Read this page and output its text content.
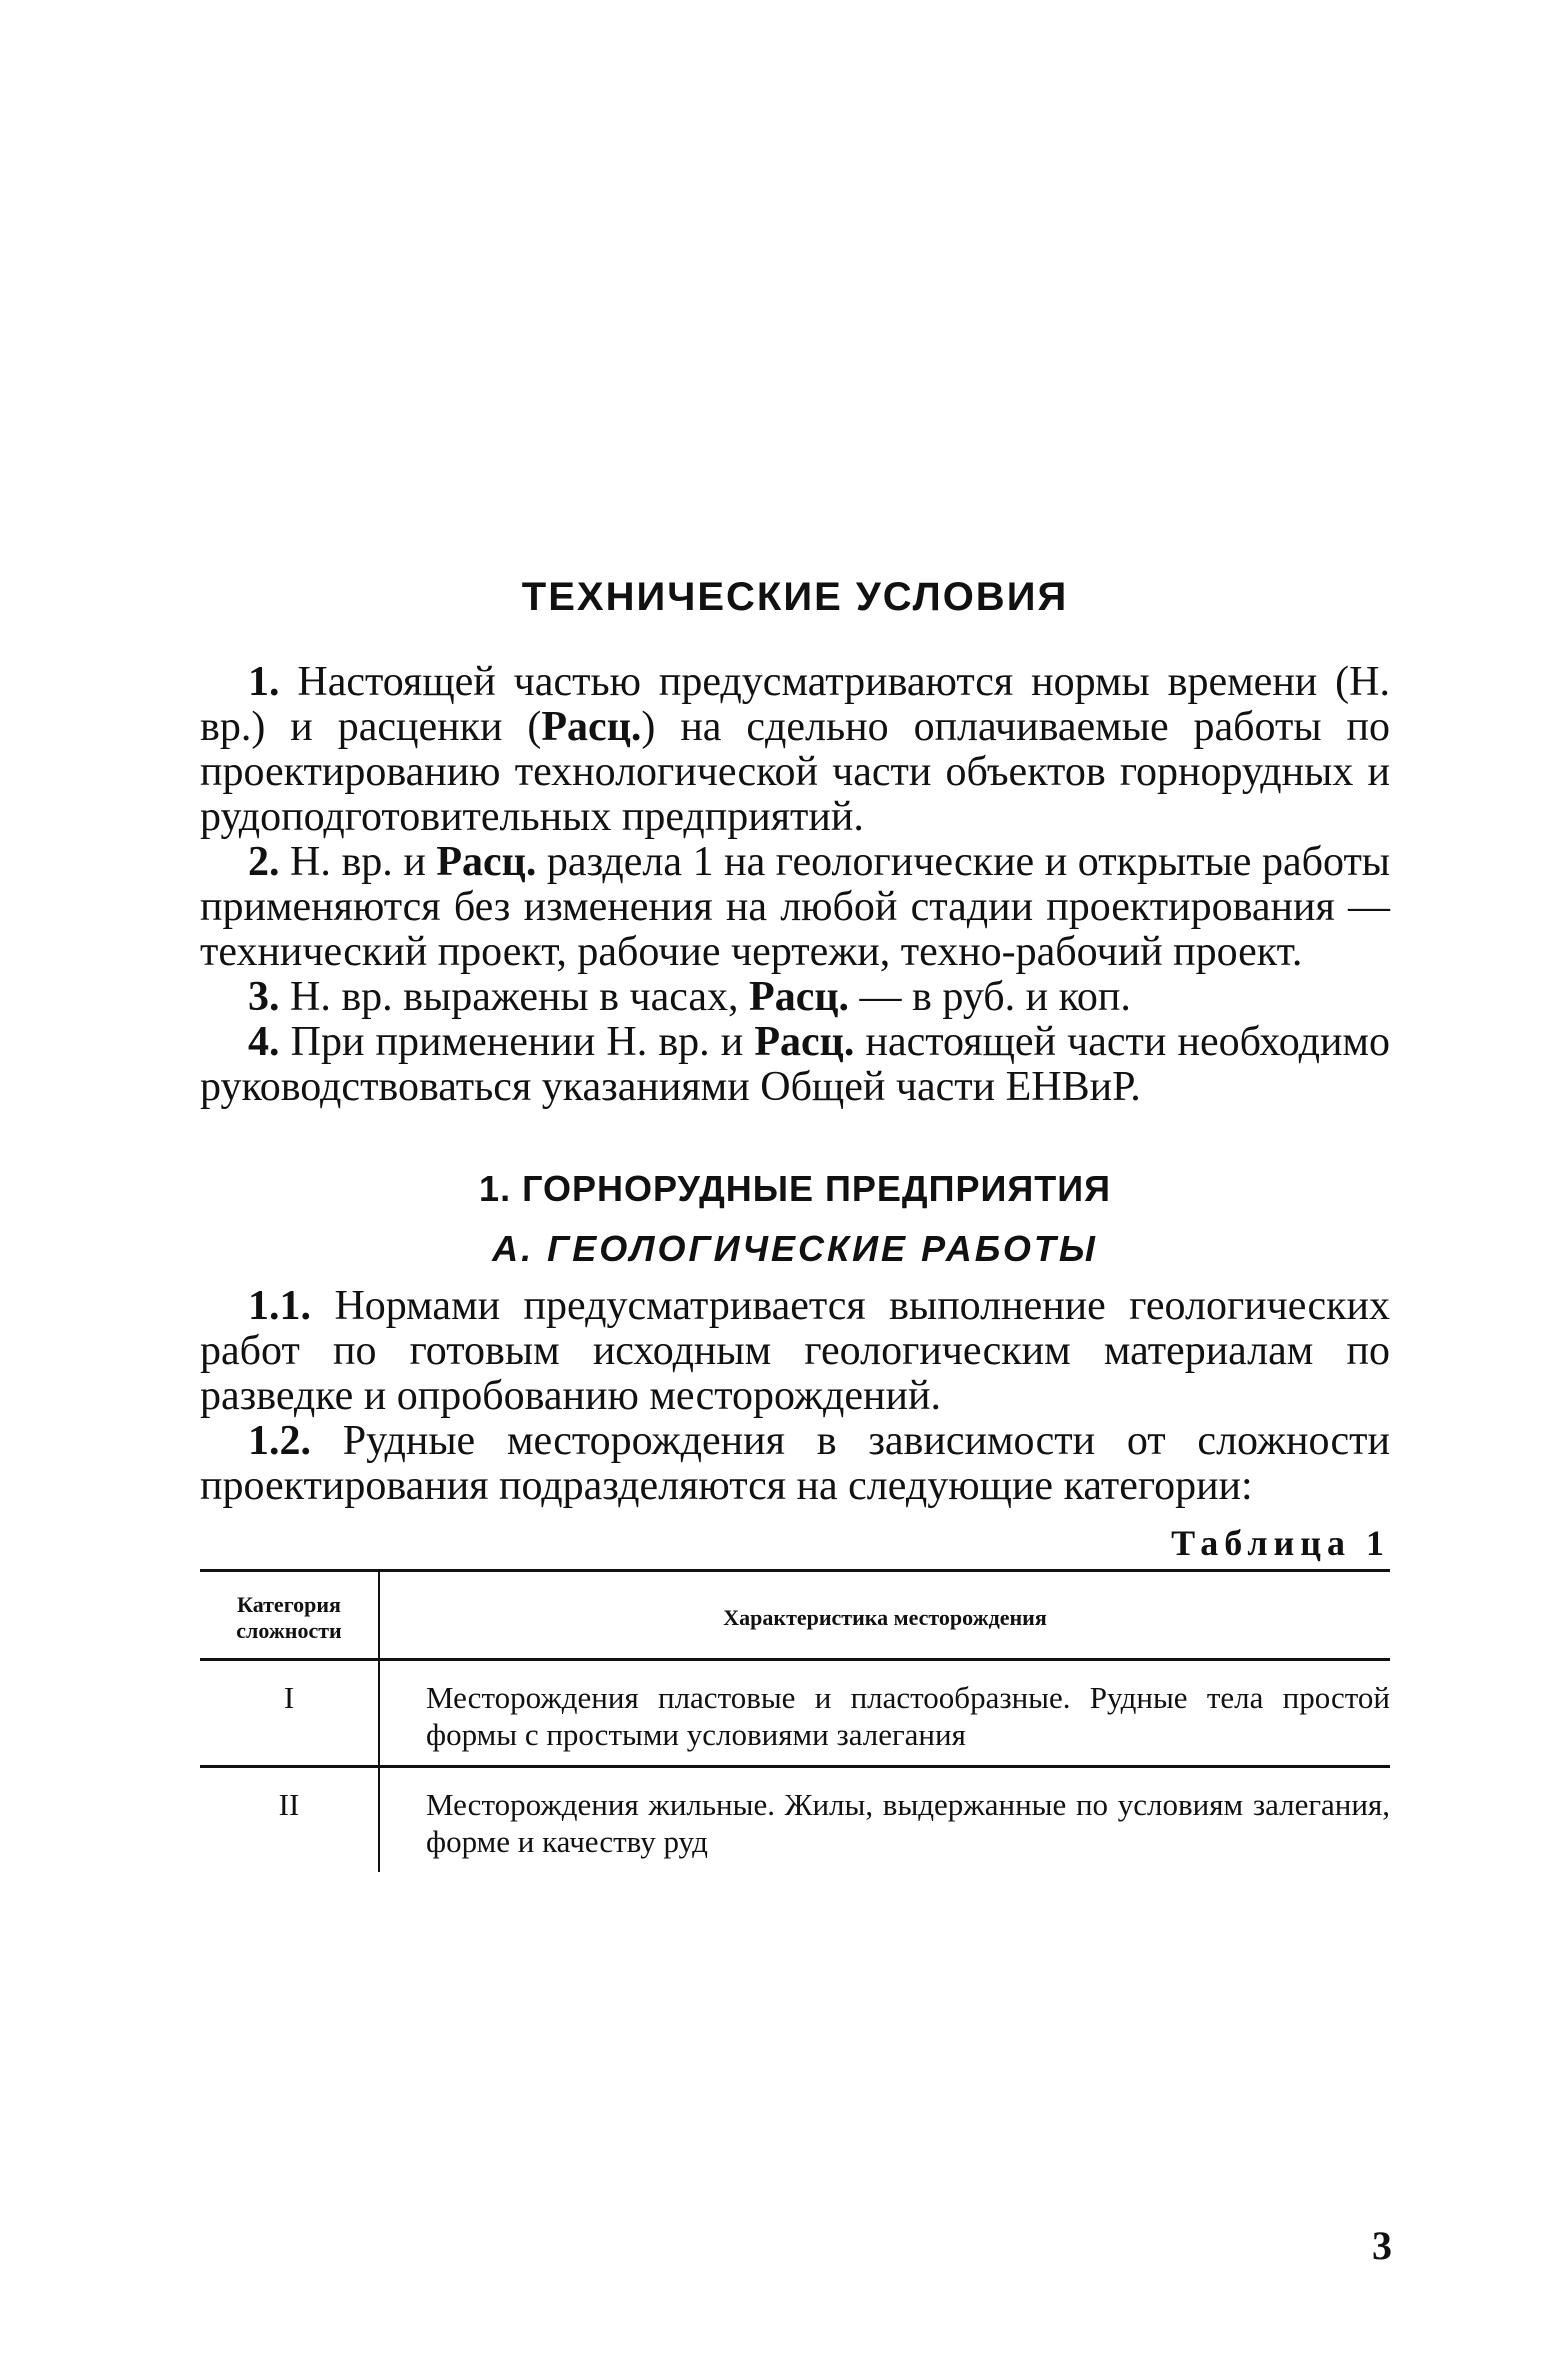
ТЕХНИЧЕСКИЕ УСЛОВИЯ

1. Настоящей частью предусматриваются нормы времени (Н. вр.) и расценки (Расц.) на сдельно оплачиваемые работы по проектированию технологической части объектов горнорудных и рудоподготовительных предприятий.

2. Н. вр. и Расц. раздела 1 на геологические и открытые работы применяются без изменения на любой стадии проектирования — технический проект, рабочие чертежи, техно-рабочий проект.

3. Н. вр. выражены в часах, Расц. — в руб. и коп.

4. При применении Н. вр. и Расц. настоящей части необходимо руководствоваться указаниями Общей части ЕНВиР.

1. ГОРНОРУДНЫЕ ПРЕДПРИЯТИЯ
А. ГЕОЛОГИЧЕСКИЕ РАБОТЫ

1.1. Нормами предусматривается выполнение геологических работ по готовым исходным геологическим материалам по разведке и опробованию месторождений.

1.2. Рудные месторождения в зависимости от сложности проектирования подразделяются на следующие категории:

Таблица 1
Категория сложности	Характеристика месторождения
I	Месторождения пластовые и пластообразные. Рудные тела простой формы с простыми условиями залегания
II	Месторождения жильные. Жилы, выдержанные по условиям залегания, форме и качеству руд
3
